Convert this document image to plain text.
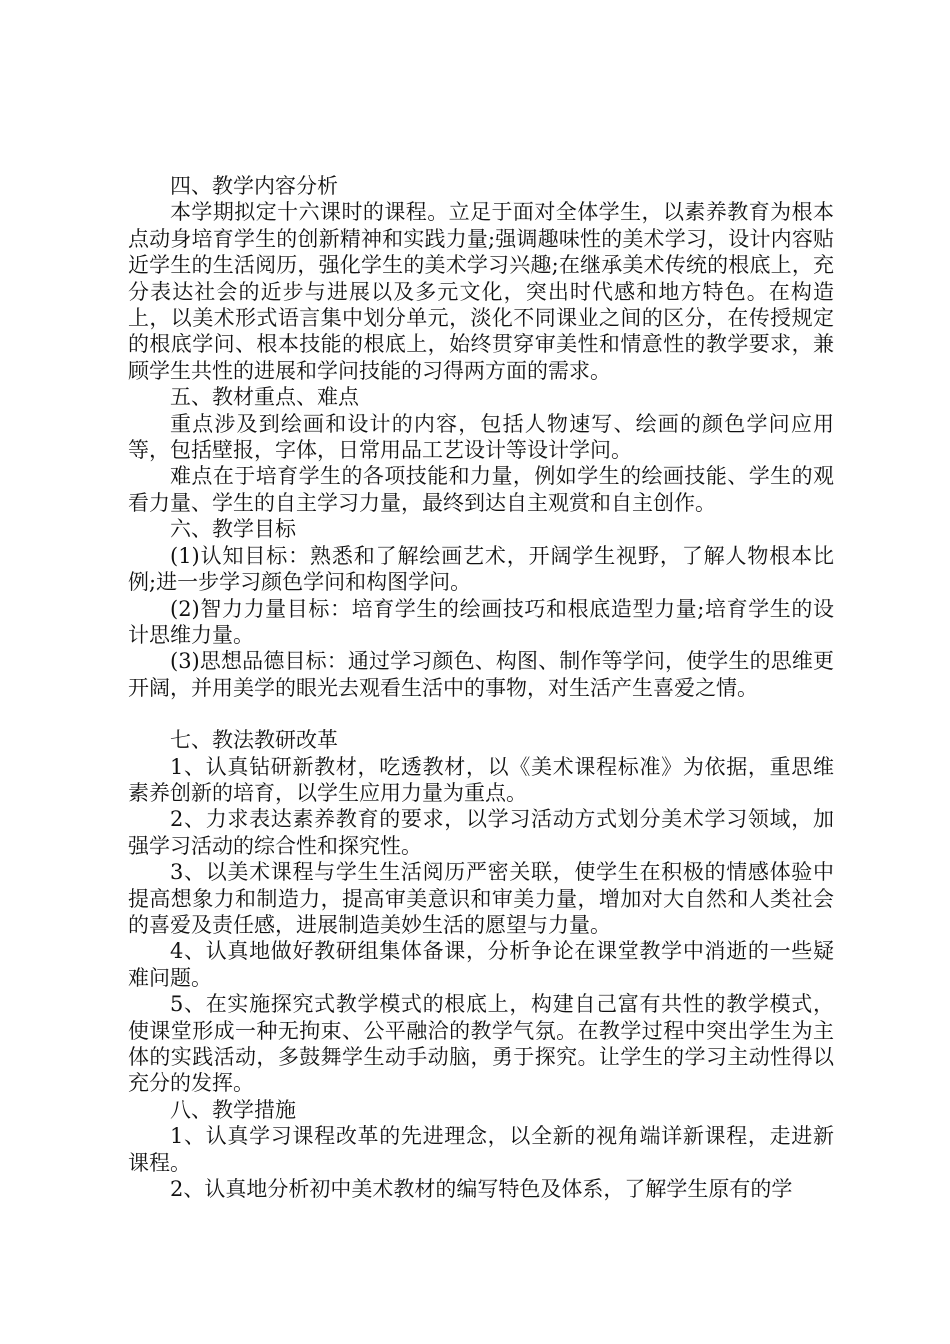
四、教学内容分析

本学期拟定十六课时的课程。立足于面对全体学生，以素养教育为根本点动身培育学生的创新精神和实践力量;强调趣味性的美术学习，设计内容贴近学生的生活阅历，强化学生的美术学习兴趣;在继承美术传统的根底上，充分表达社会的近步与进展以及多元文化，突出时代感和地方特色。在构造上，以美术形式语言集中划分单元，淡化不同课业之间的区分，在传授规定的根底学问、根本技能的根底上，始终贯穿审美性和情意性的教学要求，兼顾学生共性的进展和学问技能的习得两方面的需求。

五、教材重点、难点

重点涉及到绘画和设计的内容，包括人物速写、绘画的颜色学问应用等，包括壁报，字体，日常用品工艺设计等设计学问。

难点在于培育学生的各项技能和力量，例如学生的绘画技能、学生的观看力量、学生的自主学习力量，最终到达自主观赏和自主创作。

六、教学目标

(1)认知目标：熟悉和了解绘画艺术，开阔学生视野，了解人物根本比例;进一步学习颜色学问和构图学问。

(2)智力力量目标：培育学生的绘画技巧和根底造型力量;培育学生的设计思维力量。

(3)思想品德目标：通过学习颜色、构图、制作等学问，使学生的思维更开阔，并用美学的眼光去观看生活中的事物，对生活产生喜爱之情。

七、教法教研改革

1、认真钻研新教材，吃透教材，以《美术课程标准》为依据，重思维素养创新的培育，以学生应用力量为重点。

2、力求表达素养教育的要求，以学习活动方式划分美术学习领域，加强学习活动的综合性和探究性。

3、以美术课程与学生生活阅历严密关联，使学生在积极的情感体验中提高想象力和制造力，提高审美意识和审美力量，增加对大自然和人类社会的喜爱及责任感，进展制造美妙生活的愿望与力量。

4、认真地做好教研组集体备课，分析争论在课堂教学中消逝的一些疑难问题。

5、在实施探究式教学模式的根底上，构建自己富有共性的教学模式，使课堂形成一种无拘束、公平融洽的教学气氛。在教学过程中突出学生为主体的实践活动，多鼓舞学生动手动脑，勇于探究。让学生的学习主动性得以充分的发挥。

八、教学措施

1、认真学习课程改革的先进理念，以全新的视角端详新课程，走进新课程。

2、认真地分析初中美术教材的编写特色及体系，了解学生原有的学
